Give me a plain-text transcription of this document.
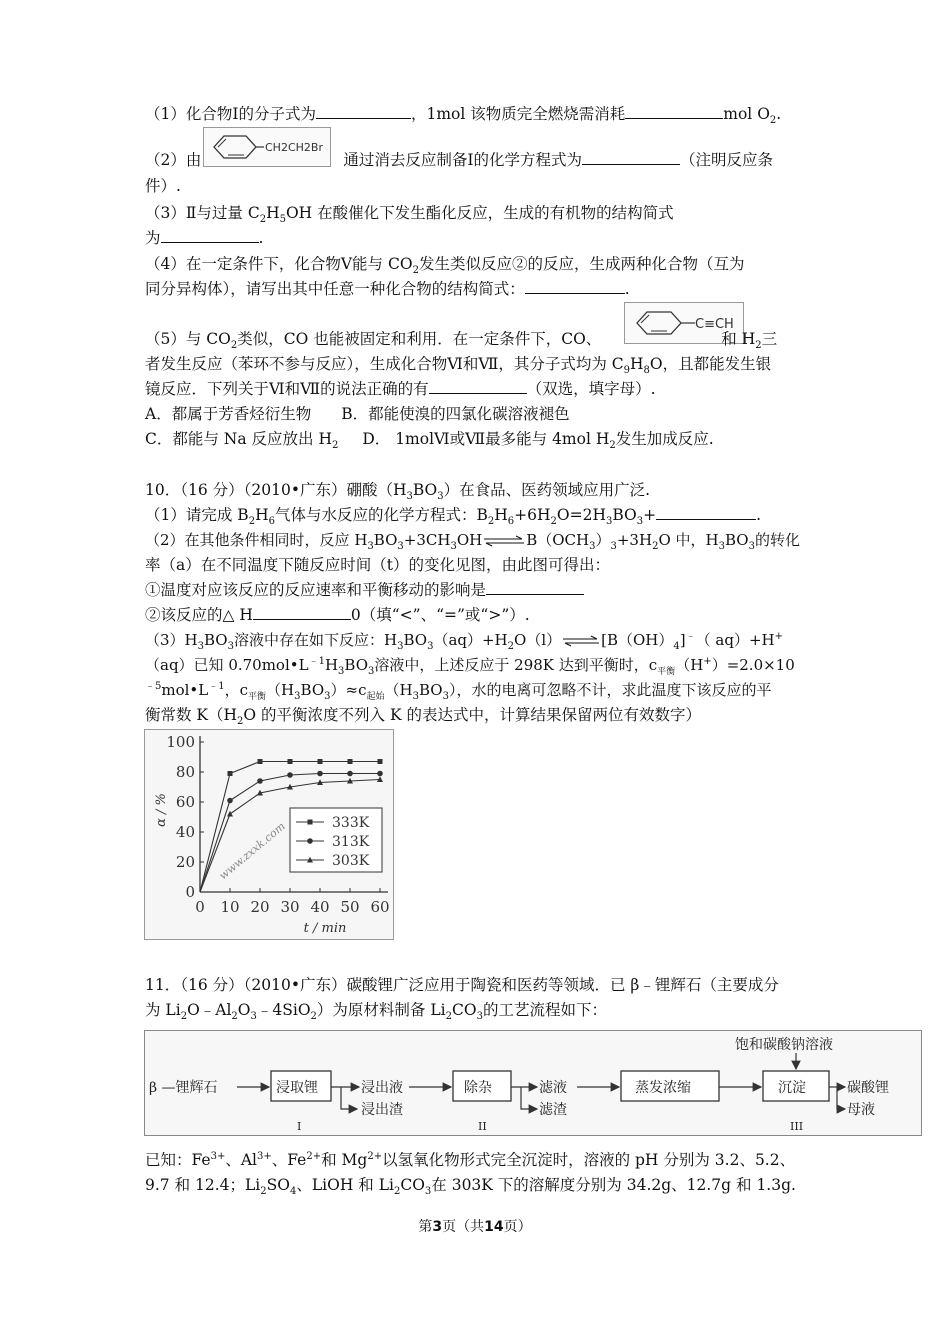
（1）化合物Ⅰ的分子式为	，1mol 该物质完全燃烧需消耗	mol $O_2$.
CH2CH2Br
（2）由	通过消去反应制备Ⅰ的化学方程式为	（注明反应条
件）.
（3）Ⅱ与过量 $C_2H_5OH$ 在酸催化下发生酯化反应，生成的有机物的结构简式
为	.
（4）在一定条件下，化合物Ⅴ能与 $CO_2$发生类似反应②的反应，生成两种化合物（互为
同分异构体），请写出其中任意一种化合物的结构简式：	.
C≡CH
（5）与 $CO_2$类似，CO 也能被固定和利用．在一定条件下，CO、	和 $H_2$三
者发生反应（苯环不参与反应），生成化合物Ⅵ和Ⅶ，其分子式均为 $C_9H_8O$，且都能发生银
镜反应．下列关于Ⅵ和Ⅶ的说法正确的有	（双选，填字母）.
A．都属于芳香烃衍生物 B．都能使溴的四氯化碳溶液褪色
C．都能与 Na 反应放出 $H_2$ D． 1molⅥ或Ⅶ最多能与 4mol $H_2$发生加成反应.
10．（16 分）（2010•广东）硼酸$(H_3BO_3)$在食品、医药领域应用广泛.
（1）请完成 $B_2H_6$气体与水反应的化学方程式：$B_2H_6+6H_2O=2H_3BO_3+$	.
（2）在其他条件相同时，反应 $H_3BO_3+3CH_3OH\rightleftharpoons B(OCH_3)_3+3H_2O$ 中，$H_3BO_3$的转化
率（a）在不同温度下随反应时间（t）的变化见图，由此图可得出：
①温度对应该反应的反应速率和平衡移动的影响是
②该反应的△ H	0（填“<”、“=”或“>”）.
$(3)H_3BO_3$溶液中存在如下反应：$H_3BO_3(aq)+H_2O(l)\rightleftharpoons[B(OH)_4]^﹣$（ aq）+H+
（aq）已知 $0.70mol•L^{﹣1}H_3BO_3$溶液中，上述反应于 298K 达到平衡时，$c_{平衡}(H^+)=2.0\times 10$
$^{﹣5}mol•L^{﹣1}$，$c_{平衡}(H_3BO_3)\approx c_{起始}(H_3BO_3)$，水的电离可忽略不计，求此温度下该反应的平
衡常数 $K(H_2O$ 的平衡浓度不列入 K 的表达式中，计算结果保留两位有效数字）
0
20
40
60
80
100
0 10 20 30 40 50 60
α / %
t / min
www.zxxk.com	333K
313K
303K
11．（16 分）（2010•广东）碳酸锂广泛应用于陶瓷和医药等领域．已 β﹣锂辉石（主要成分
为 $Li_2O﹣Al_2O_3﹣4SiO_2$）为原材料制备 $Li_2CO_3$的工艺流程如下：
β —锂辉石	浸取锂	浸出液
浸出渣
除杂	滤液
滤渣
蒸发浓缩	沉淀
饱和碳酸钠溶液
碳酸锂
母液
I	II	III
已知：$Fe^{3+}$、$Al^{3+}$、$Fe^{2+}$和 $Mg^{2+}$以氢氧化物形式完全沉淀时，溶液的 pH 分别为 3.2、5.2、
9.7 和 12.4；$Li_2SO_4$、LiOH 和 $Li_2CO_3$在 303K 下的溶解度分别为 34.2g、12.7g 和 1.3g.
第3页（共14页）
